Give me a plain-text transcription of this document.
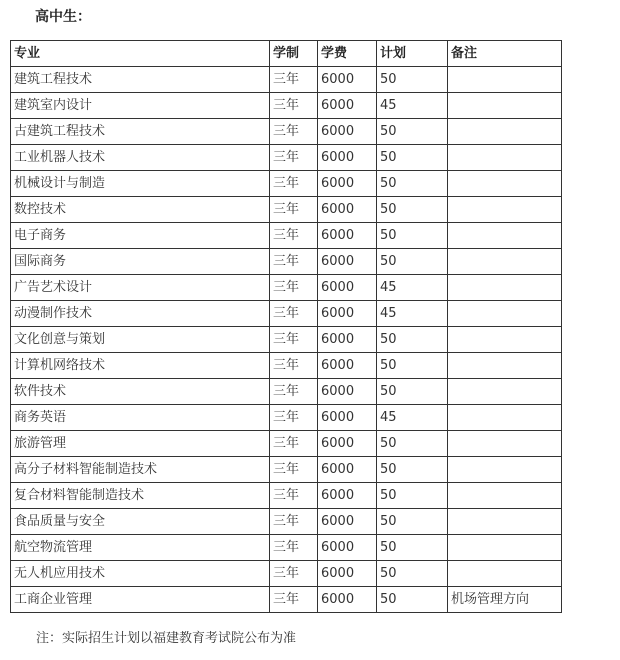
高中生：
专业	学制	学费	计划	备注
建筑工程技术	三年	6000	50	
建筑室内设计	三年	6000	45	
古建筑工程技术	三年	6000	50	
工业机器人技术	三年	6000	50	
机械设计与制造	三年	6000	50	
数控技术	三年	6000	50	
电子商务	三年	6000	50	
国际商务	三年	6000	50	
广告艺术设计	三年	6000	45	
动漫制作技术	三年	6000	45	
文化创意与策划	三年	6000	50	
计算机网络技术	三年	6000	50	
软件技术	三年	6000	50	
商务英语	三年	6000	45	
旅游管理	三年	6000	50	
高分子材料智能制造技术	三年	6000	50	
复合材料智能制造技术	三年	6000	50	
食品质量与安全	三年	6000	50	
航空物流管理	三年	6000	50	
无人机应用技术	三年	6000	50	
工商企业管理	三年	6000	50	机场管理方向
注：实际招生计划以福建教育考试院公布为准
